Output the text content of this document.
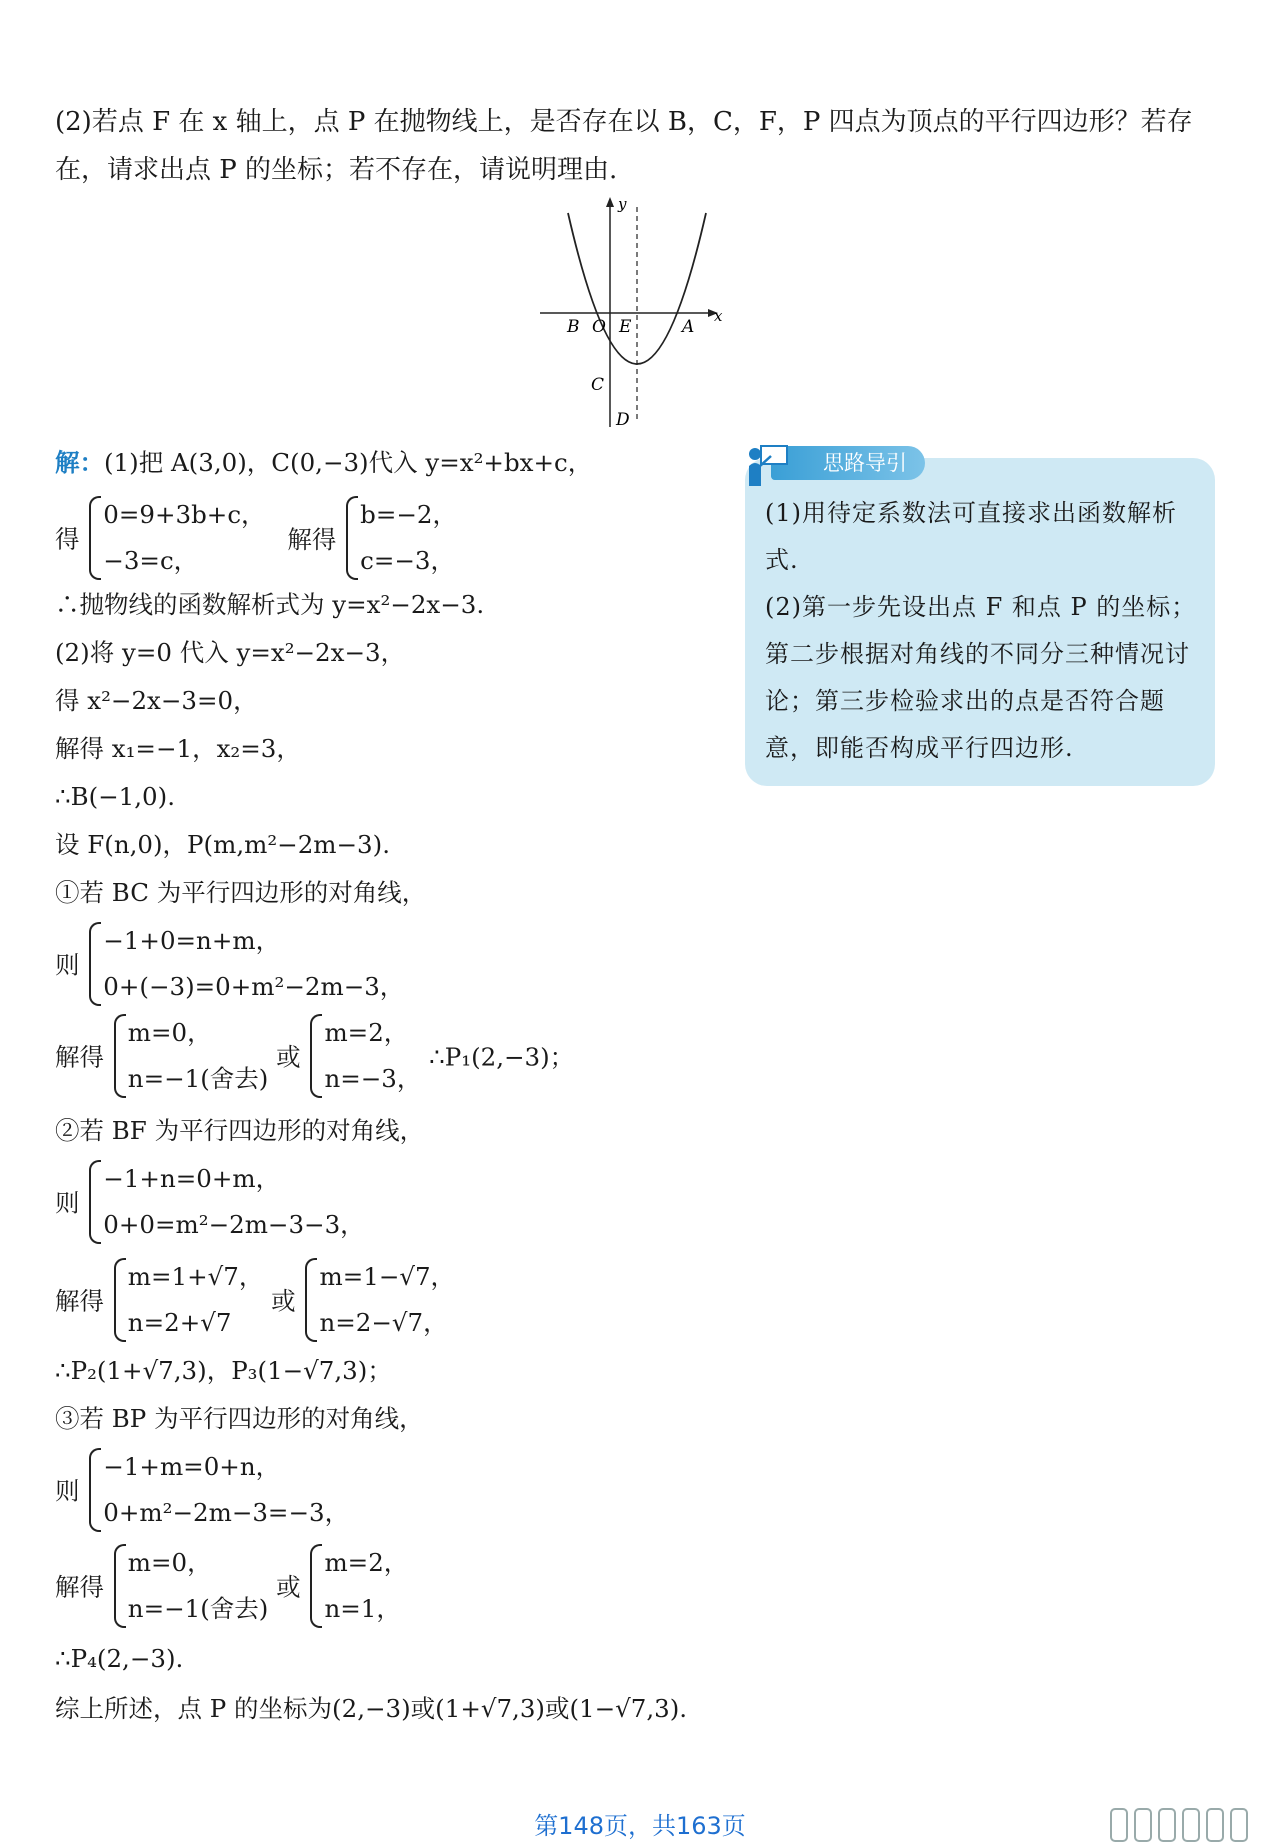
(2)若点 F 在 x 轴上，点 P 在抛物线上，是否存在以 B，C，F，P 四点为顶点的平行四边形？若存在，请求出点 P 的坐标；若不存在，请说明理由.
y
x
B O E	A
C
D
解：(1)把 A(3,0)，C(0,−3)代入 y=x²+bx+c，
得
0=9+3b+c，
−3=c，
解得
b=−2，
c=−3，
∴抛物线的函数解析式为 y=x²−2x−3.
(2)将 y=0 代入 y=x²−2x−3，
得 x²−2x−3=0，
解得 x₁=−1，x₂=3，
∴B(−1,0).
设 F(n,0)，P(m,m²−2m−3).
①若 BC 为平行四边形的对角线，
则
−1+0=n+m，
0+(−3)=0+m²−2m−3，
解得
m=0，
n=−1(舍去)
或
m=2，
n=−3，
∴P₁(2,−3)；
②若 BF 为平行四边形的对角线，
则
−1+n=0+m，
0+0=m²−2m−3−3，
解得
m=1+√7，
n=2+√7
或
m=1−√7，
n=2−√7，
∴P₂(1+√7,3)，P₃(1−√7,3)；
③若 BP 为平行四边形的对角线，
则
−1+m=0+n，
0+m²−2m−3=−3，
解得
m=0，
n=−1(舍去)
或
m=2，
n=1，
∴P₄(2,−3).
综上所述，点 P 的坐标为(2,−3)或(1+√7,3)或(1−√7,3).
思路导引
(1)用待定系数法可直接求出函数解析式.
(2)第一步先设出点 F 和点 P 的坐标；第二步根据对角线的不同分三种情况讨论；第三步检验求出的点是否符合题意，即能否构成平行四边形.
第148页，共163页
